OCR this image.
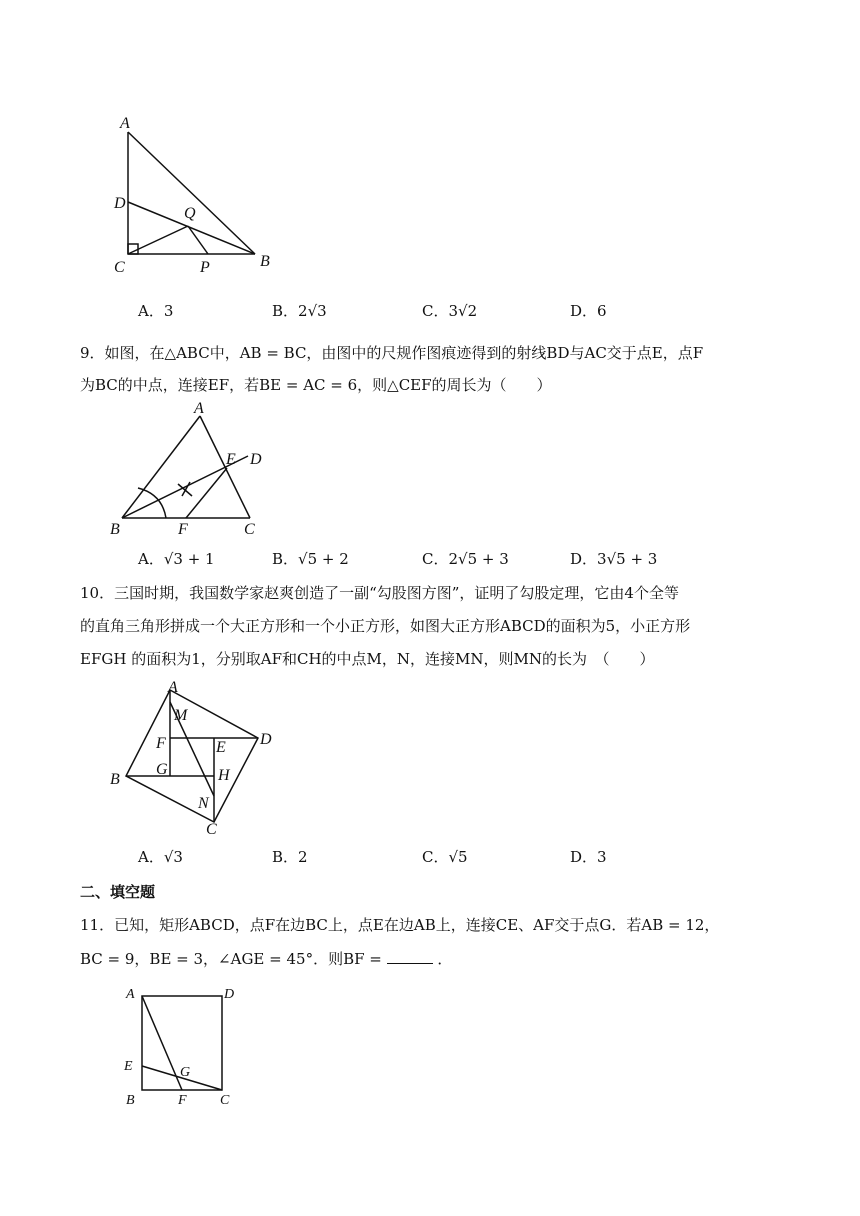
A
D
Q
C	P	B
A．3	B．2√3	C．3√2	D．6
9．如图，在△ABC中，AB = BC，由图中的尺规作图痕迹得到的射线BD与AC交于点E，点F
为BC的中点，连接EF，若BE = AC = 6，则△CEF的周长为（　　）
A
E D
B	F	C
A．√3 + 1	B．√5 + 2	C．2√5 + 3	D．3√5 + 3
10．三国时期，我国数学家赵爽创造了一副“勾股图方图”，证明了勾股定理，它由4个全等
的直角三角形拼成一个大正方形和一个小正方形，如图大正方形ABCD的面积为5，小正方形
EFGH 的面积为1，分别取AF和CH的中点M，N，连接MN，则MN的长为　（　　）
A
M
F	E D
B
G	H
N
C
A．√3	B．2	C．√5	D．3
二、填空题
11．已知，矩形ABCD，点F在边BC上，点E在边AB上，连接CE、AF交于点G．若AB = 12，
BC = 9，BE = 3，∠AGE = 45°．则BF =	．
A	D
E	G
B	F C
